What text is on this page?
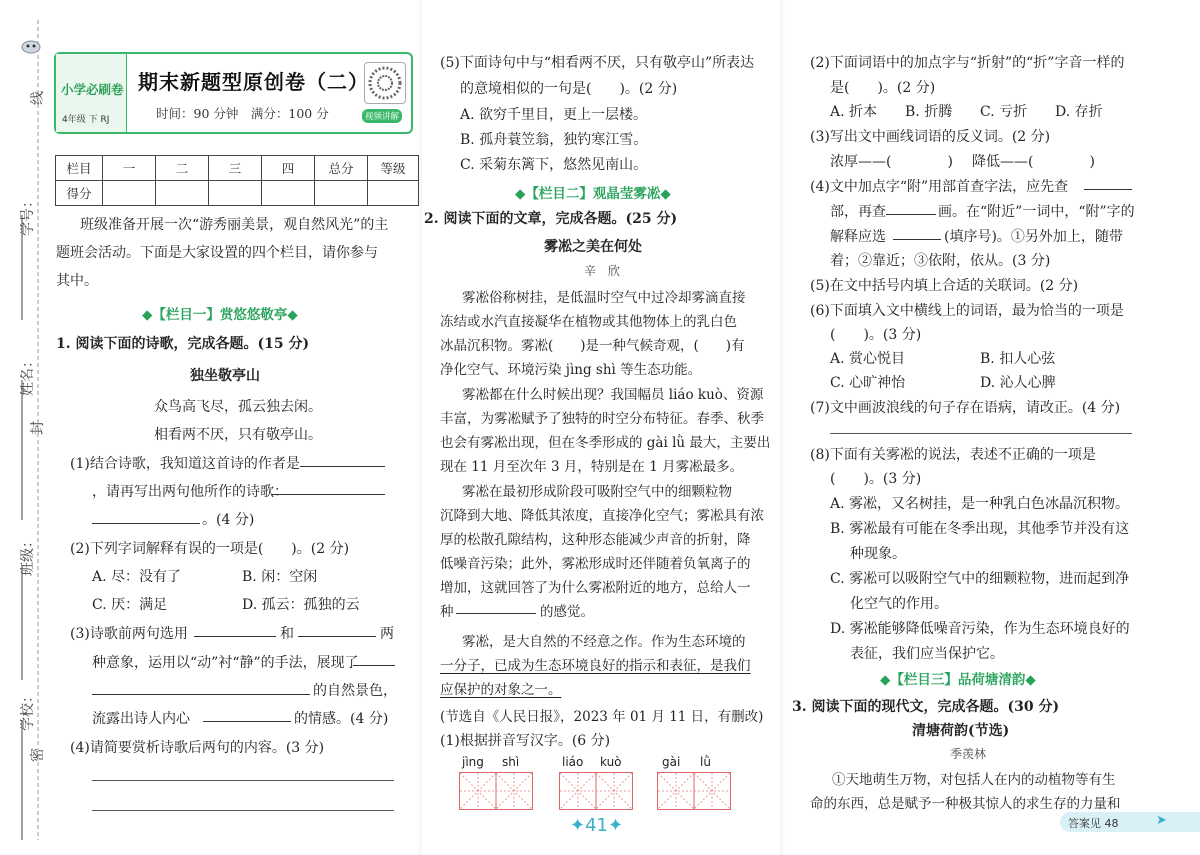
线
学号：
姓名：
封
班级：
学校：
密
小学必刷卷
4年级 下 RJ
期末新题型原创卷（二）
时间：90 分钟　满分：100 分	视频讲解
栏目	一	二	三	四	总分	等级
得分						
班级准备开展一次“游秀丽美景，观自然风光”的主
题班会活动。下面是大家设置的四个栏目，请你参与
其中。
◆【栏目一】赏悠悠敬亭◆
1. 阅读下面的诗歌，完成各题。(15 分)
独坐敬亭山
众鸟高飞尽，孤云独去闲。
相看两不厌，只有敬亭山。
(1)结合诗歌，我知道这首诗的作者是
，请再写出两句他所作的诗歌：
。(4 分)
(2)下列字词解释有误的一项是(　　)。(2 分)
A. 尽：没有了	B. 闲：空闲
C. 厌：满足	D. 孤云：孤独的云
(3)诗歌前两句选用	和	两
种意象，运用以“动”衬“静”的手法，展现了
的自然景色，
流露出诗人内心	的情感。(4 分)
(4)请简要赏析诗歌后两句的内容。(3 分)
(5)下面诗句中与“相看两不厌，只有敬亭山”所表达
的意境相似的一句是(　　)。(2 分)
A. 欲穷千里目，更上一层楼。
B. 孤舟蓑笠翁，独钓寒江雪。
C. 采菊东篱下，悠然见南山。
◆【栏目二】观晶莹雾凇◆
2. 阅读下面的文章，完成各题。(25 分)
雾凇之美在何处
辛　欣
雾凇俗称树挂，是低温时空气中过冷却雾滴直接
冻结或水汽直接凝华在植物或其他物体上的乳白色
冰晶沉积物。雾凇(　　)是一种气候奇观，(　　)有
净化空气、环境污染 jìng shì 等生态功能。
雾凇都在什么时候出现？我国幅员 liáo kuò、资源
丰富，为雾凇赋予了独特的时空分布特征。春季、秋季
也会有雾凇出现，但在冬季形成的 gài lǜ 最大，主要出
现在 11 月至次年 3 月，特别是在 1 月雾凇最多。
雾凇在最初形成阶段可吸附空气中的细颗粒物
沉降到大地、降低其浓度，直接净化空气；雾凇具有浓
厚的松散孔隙结构，这种形态能减少声音的折射，降
低噪音污染；此外，雾凇形成时还伴随着负氧离子的
增加，这就回答了为什么雾凇附近的地方，总给人一
种	的感觉。
雾凇，是大自然的不经意之作。作为生态环境的
一分子，已成为生态环境良好的指示和表征，是我们
应保护的对象之一。
(节选自《人民日报》，2023 年 01 月 11 日，有删改)
(1)根据拼音写汉字。(6 分)
jìng shì	liáo kuò	gài lǜ
✦41✦
(2)下面词语中的加点字与“折射”的“折”字音一样的
是(　　)。(2 分)
A. 折本 B. 折腾 C. 亏折 D. 存折
(3)写出文中画线词语的反义词。(2 分)
浓厚——(　　　　) 降低——(　　　　)
(4)文中加点字“附”用部首查字法，应先查
部，再查	画。在“附近”一词中，“附”字的
解释应选	(填序号)。①另外加上，随带
着；②靠近；③依附，依从。(3 分)
(5)在文中括号内填上合适的关联词。(2 分)
(6)下面填入文中横线上的词语，最为恰当的一项是
(　　)。(3 分)
A. 赏心悦目	B. 扣人心弦
C. 心旷神怡	D. 沁人心脾
(7)文中画波浪线的句子存在语病，请改正。(4 分)
(8)下面有关雾凇的说法，表述不正确的一项是
(　　)。(3 分)
A. 雾凇，又名树挂，是一种乳白色冰晶沉积物。
B. 雾凇最有可能在冬季出现，其他季节并没有这
种现象。
C. 雾凇可以吸附空气中的细颗粒物，进而起到净
化空气的作用。
D. 雾凇能够降低噪音污染，作为生态环境良好的
表征，我们应当保护它。
◆【栏目三】品荷塘清韵◆
3. 阅读下面的现代文，完成各题。(30 分)
清塘荷韵(节选)
季羡林
①天地萌生万物，对包括人在内的动植物等有生
命的东西，总是赋予一种极其惊人的求生存的力量和
答案见 48	➤
